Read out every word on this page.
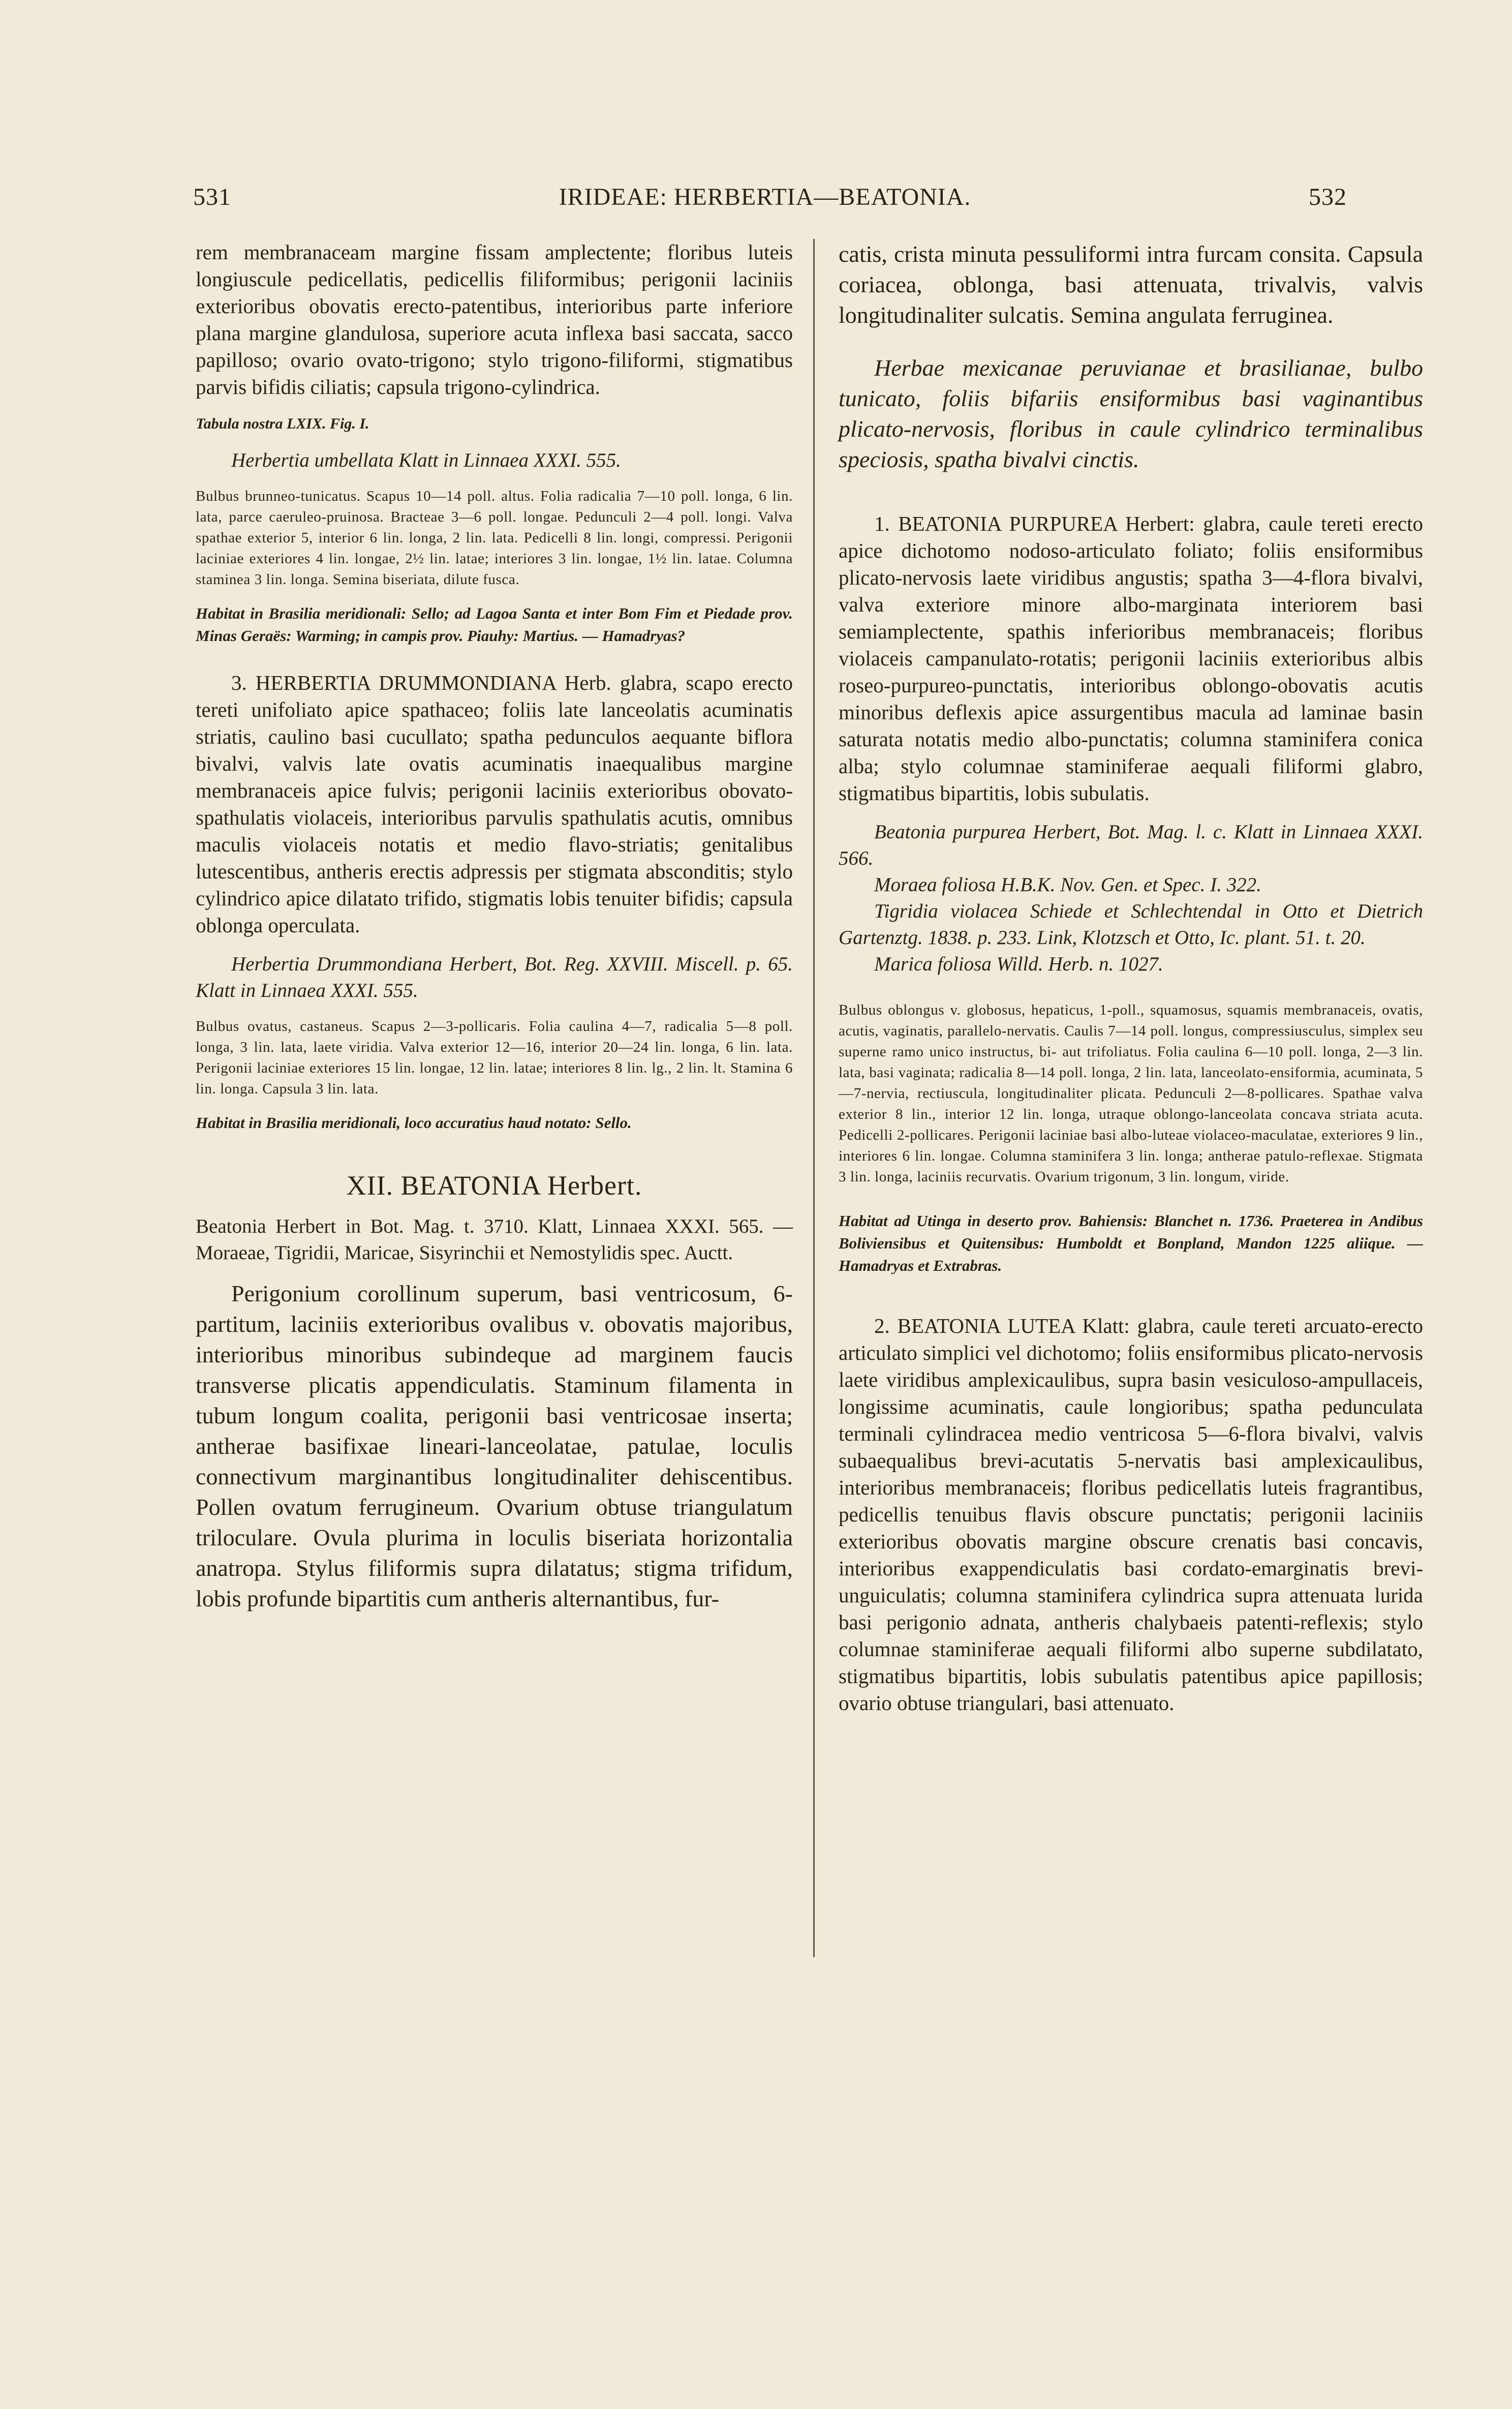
531	IRIDEAE: HERBERTIA—BEATONIA.	532

rem membranaceam margine fissam amplectente; floribus luteis longiuscule pedicellatis, pedicellis filiformibus; perigonii laciniis exterioribus obovatis erecto-patentibus, interioribus parte inferiore plana margine glandulosa, superiore acuta inflexa basi saccata, sacco papilloso; ovario ovato-trigono; stylo trigono-filiformi, stigmatibus parvis bifidis ciliatis; capsula trigono-cylindrica.

Tabula nostra LXIX. Fig. I.

Herbertia umbellata Klatt in Linnaea XXXI. 555.

Bulbus brunneo-tunicatus. Scapus 10—14 poll. altus. Folia radicalia 7—10 poll. longa, 6 lin. lata, parce caeruleo-pruinosa. Bracteae 3—6 poll. longae. Pedunculi 2—4 poll. longi. Valva spathae exterior 5, interior 6 lin. longa, 2 lin. lata. Pedicelli 8 lin. longi, compressi. Perigonii laciniae exteriores 4 lin. longae, 2½ lin. latae; interiores 3 lin. longae, 1½ lin. latae. Columna staminea 3 lin. longa. Semina biseriata, dilute fusca.

Habitat in Brasilia meridionali: Sello; ad Lagoa Santa et inter Bom Fim et Piedade prov. Minas Geraës: Warming; in campis prov. Piauhy: Martius. — Hamadryas?

3. HERBERTIA DRUMMONDIANA Herb. glabra, scapo erecto tereti unifoliato apice spathaceo; foliis late lanceolatis acuminatis striatis, caulino basi cucullato; spatha pedunculos aequante biflora bivalvi, valvis late ovatis acuminatis inaequalibus margine membranaceis apice fulvis; perigonii laciniis exterioribus obovato-spathulatis violaceis, interioribus parvulis spathulatis acutis, omnibus maculis violaceis notatis et medio flavo-striatis; genitalibus lutescentibus, antheris erectis adpressis per stigmata absconditis; stylo cylindrico apice dilatato trifido, stigmatis lobis tenuiter bifidis; capsula oblonga operculata.

Herbertia Drummondiana Herbert, Bot. Reg. XXVIII. Miscell. p. 65. Klatt in Linnaea XXXI. 555.

Bulbus ovatus, castaneus. Scapus 2—3-pollicaris. Folia caulina 4—7, radicalia 5—8 poll. longa, 3 lin. lata, laete viridia. Valva exterior 12—16, interior 20—24 lin. longa, 6 lin. lata. Perigonii laciniae exteriores 15 lin. longae, 12 lin. latae; interiores 8 lin. lg., 2 lin. lt. Stamina 6 lin. longa. Capsula 3 lin. lata.

Habitat in Brasilia meridionali, loco accuratius haud notato: Sello.

XII. BEATONIA Herbert.

Beatonia Herbert in Bot. Mag. t. 3710. Klatt, Linnaea XXXI. 565. — Moraeae, Tigridii, Maricae, Sisyrinchii et Nemostylidis spec. Auctt.

Perigonium corollinum superum, basi ventricosum, 6-partitum, laciniis exterioribus ovalibus v. obovatis majoribus, interioribus minoribus subindeque ad marginem faucis transverse plicatis appendiculatis. Staminum filamenta in tubum longum coalita, perigonii basi ventricosae inserta; antherae basifixae lineari-lanceolatae, patulae, loculis connectivum marginantibus longitudinaliter dehiscentibus. Pollen ovatum ferrugineum. Ovarium obtuse triangulatum triloculare. Ovula plurima in loculis biseriata horizontalia anatropa. Stylus filiformis supra dilatatus; stigma trifidum, lobis profunde bipartitis cum antheris alternantibus, fur-

catis, crista minuta pessuliformi intra furcam consita. Capsula coriacea, oblonga, basi attenuata, trivalvis, valvis longitudinaliter sulcatis. Semina angulata ferruginea.

Herbae mexicanae peruvianae et brasilianae, bulbo tunicato, foliis bifariis ensiformibus basi vaginantibus plicato-nervosis, floribus in caule cylindrico terminalibus speciosis, spatha bivalvi cinctis.

1. BEATONIA PURPUREA Herbert: glabra, caule tereti erecto apice dichotomo nodoso-articulato foliato; foliis ensiformibus plicato-nervosis laete viridibus angustis; spatha 3—4-flora bivalvi, valva exteriore minore albo-marginata interiorem basi semiamplectente, spathis inferioribus membranaceis; floribus violaceis campanulato-rotatis; perigonii laciniis exterioribus albis roseo-purpureo-punctatis, interioribus oblongo-obovatis acutis minoribus deflexis apice assurgentibus macula ad laminae basin saturata notatis medio albo-punctatis; columna staminifera conica alba; stylo columnae staminiferae aequali filiformi glabro, stigmatibus bipartitis, lobis subulatis.

Beatonia purpurea Herbert, Bot. Mag. l. c. Klatt in Linnaea XXXI. 566.

Moraea foliosa H.B.K. Nov. Gen. et Spec. I. 322.

Tigridia violacea Schiede et Schlechtendal in Otto et Dietrich Gartenztg. 1838. p. 233. Link, Klotzsch et Otto, Ic. plant. 51. t. 20.

Marica foliosa Willd. Herb. n. 1027.

Bulbus oblongus v. globosus, hepaticus, 1-poll., squamosus, squamis membranaceis, ovatis, acutis, vaginatis, parallelo-nervatis. Caulis 7—14 poll. longus, compressiusculus, simplex seu superne ramo unico instructus, bi- aut trifoliatus. Folia caulina 6—10 poll. longa, 2—3 lin. lata, basi vaginata; radicalia 8—14 poll. longa, 2 lin. lata, lanceolato-ensiformia, acuminata, 5—7-nervia, rectiuscula, longitudinaliter plicata. Pedunculi 2—8-pollicares. Spathae valva exterior 8 lin., interior 12 lin. longa, utraque oblongo-lanceolata concava striata acuta. Pedicelli 2-pollicares. Perigonii laciniae basi albo-luteae violaceo-maculatae, exteriores 9 lin., interiores 6 lin. longae. Columna staminifera 3 lin. longa; antherae patulo-reflexae. Stigmata 3 lin. longa, laciniis recurvatis. Ovarium trigonum, 3 lin. longum, viride.

Habitat ad Utinga in deserto prov. Bahiensis: Blanchet n. 1736. Praeterea in Andibus Boliviensibus et Quitensibus: Humboldt et Bonpland, Mandon 1225 aliique. — Hamadryas et Extrabras.

2. BEATONIA LUTEA Klatt: glabra, caule tereti arcuato-erecto articulato simplici vel dichotomo; foliis ensiformibus plicato-nervosis laete viridibus amplexicaulibus, supra basin vesiculoso-ampullaceis, longissime acuminatis, caule longioribus; spatha pedunculata terminali cylindracea medio ventricosa 5—6-flora bivalvi, valvis subaequalibus brevi-acutatis 5-nervatis basi amplexicaulibus, interioribus membranaceis; floribus pedicellatis luteis fragrantibus, pedicellis tenuibus flavis obscure punctatis; perigonii laciniis exterioribus obovatis margine obscure crenatis basi concavis, interioribus exappendiculatis basi cordato-emarginatis brevi-unguiculatis; columna staminifera cylindrica supra attenuata lurida basi perigonio adnata, antheris chalybaeis patenti-reflexis; stylo columnae staminiferae aequali filiformi albo superne subdilatato, stigmatibus bipartitis, lobis subulatis patentibus apice papillosis; ovario obtuse triangulari, basi attenuato.
